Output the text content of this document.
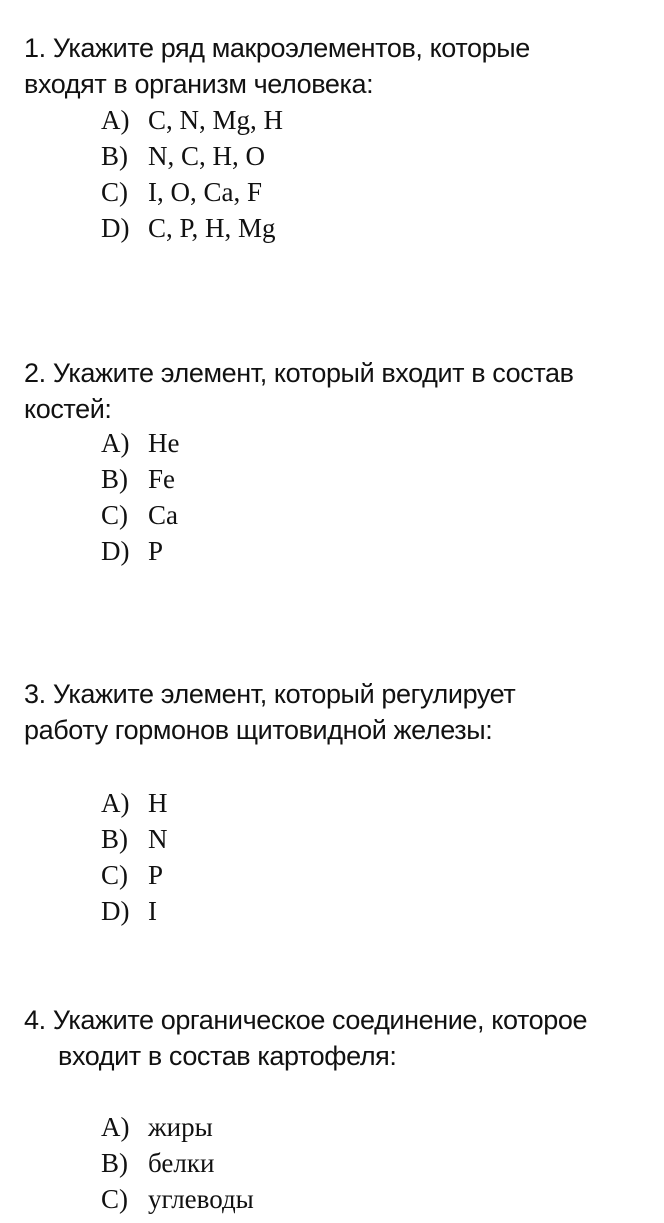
1. Укажите ряд макроэлементов, которые
входят в организм человека:
A) C, N, Mg, H
B) N, C, H, O
C) I, O, Ca, F
D) C, P, H, Mg
2. Укажите элемент, который входит в состав
костей:
A) He
B) Fe
C) Ca
D) P
3. Укажите элемент, который регулирует
работу гормонов щитовидной железы:
A) H
B) N
C) P
D) I
4. Укажите органическое соединение, которое
входит в состав картофеля:
A) жиры
B) белки
C) углеводы
